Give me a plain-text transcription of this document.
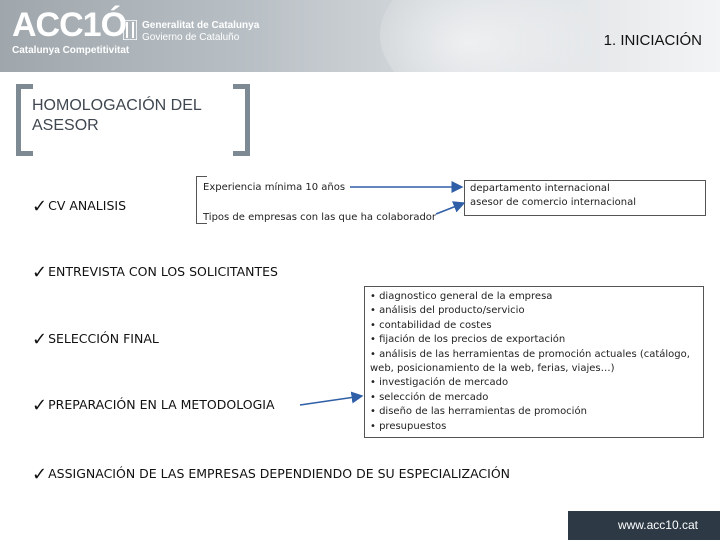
ACC1Ó
Catalunya Competitivitat
Generalitat de Catalunya
Govierno de Cataluño	1. INICIACIÓN
HOMOLOGACIÓN DEL ASESOR
✓CV ANALISIS
✓ENTREVISTA CON LOS SOLICITANTES
✓SELECCIÓN FINAL
✓PREPARACIÓN EN LA METODOLOGIA
✓ASSIGNACIÓN DE LAS EMPRESAS DEPENDIENDO DE SU ESPECIALIZACIÓN
Experiencia mínima 10 años
Tipos de empresas con las que ha colaborador
departamento internacional
asesor de comercio internacional
• diagnostico general de la empresa
• análisis del producto/servicio
• contabilidad de costes
• fijación de los precios de exportación
• análisis de las herramientas de promoción actuales (catálogo, web, posicionamiento de la web, ferias, viajes…)
• investigación de mercado
• selección de mercado
• diseño de las herramientas de promoción
• presupuestos
www.acc10.cat
